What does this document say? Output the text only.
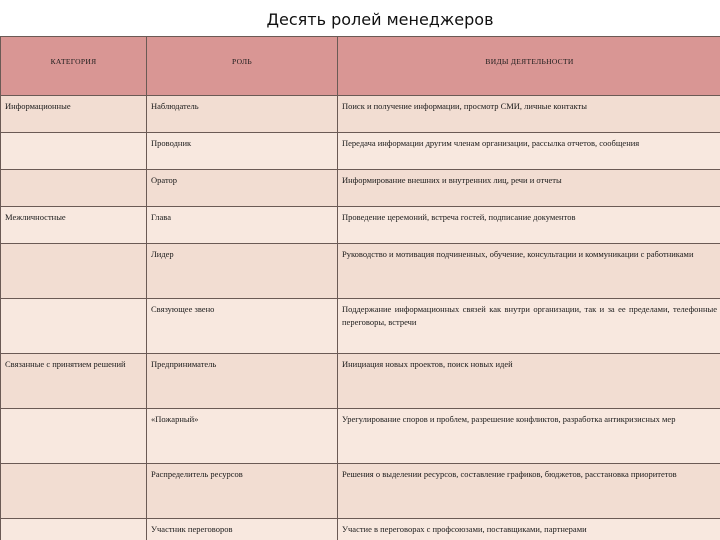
Десять ролей менеджеров
КАТЕГОРИЯ	РОЛЬ	ВИДЫ ДЕЯТЕЛЬНОСТИ
Информационные	Наблюдатель	Поиск и получение информации, просмотр СМИ, личные контакты
	Проводник	Передача информации другим членам организации, рассылка отчетов, сообщения
	Оратор	Информирование внешних и внутренних лиц, речи и отчеты
Межличностные	Глава	Проведение церемоний, встреча гостей, подписание документов
	Лидер	Руководство и мотивация подчиненных, обучение, консультации и коммуникации с работниками
	Связующее звено	Поддержание информационных связей как внутри организации, так и за ее пределами, телефонные переговоры, встречи
Связанные с принятием решений	Предприниматель	Инициация новых проектов, поиск новых идей
	«Пожарный»	Урегулирование споров и проблем, разрешение конфликтов, разработка антикризисных мер
	Распределитель ресурсов	Решения о выделении ресурсов, составление графиков, бюджетов, расстановка приоритетов
	Участник переговоров	Участие в переговорах с профсоюзами, поставщиками, партнерами
